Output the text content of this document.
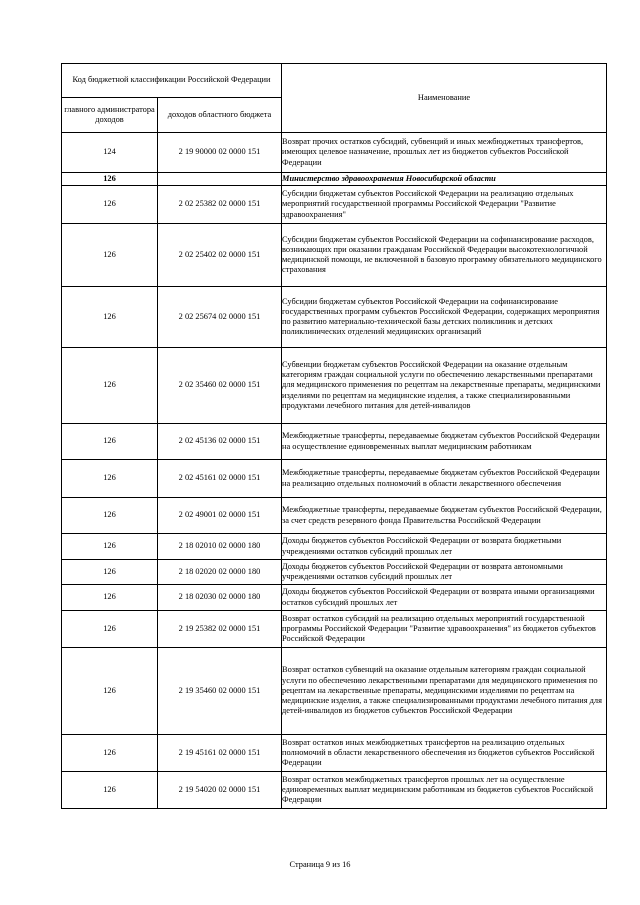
Код бюджетной классификации Российской Федерации		Наименование
главного администратора доходов	доходов областного бюджета	
124	2 19 90000 02 0000 151	Возврат прочих остатков субсидий, субвенций и иных межбюджетных трансфертов, имеющих целевое назначение, прошлых лет из бюджетов субъектов Российской Федерации
126		Министерство здравоохранения Новосибирской области
126	2 02 25382 02 0000 151	Субсидии бюджетам субъектов Российской Федерации на реализацию отдельных мероприятий государственной программы Российской Федерации "Развитие здравоохранения"
126	2 02 25402 02 0000 151	Субсидии бюджетам субъектов Российской Федерации на софинансирование расходов, возникающих при оказании гражданам Российской Федерации высокотехнологичной медицинской помощи, не включенной в базовую программу обязательного медицинского страхования
126	2 02 25674 02 0000 151	Субсидии бюджетам субъектов Российской Федерации на софинансирование государственных программ субъектов Российской Федерации, содержащих мероприятия по развитию материально-технической базы детских поликлиник и детских поликлинических отделений медицинских организаций
126	2 02 35460 02 0000 151	Субвенции бюджетам субъектов Российской Федерации на оказание отдельным категориям граждан социальной услуги по обеспечению лекарственными препаратами для медицинского применения по рецептам на лекарственные препараты, медицинскими изделиями по рецептам на медицинские изделия, а также специализированными продуктами лечебного питания для детей-инвалидов
126	2 02 45136 02 0000 151	Межбюджетные трансферты, передаваемые бюджетам субъектов Российской Федерации на осуществление единовременных выплат медицинским работникам
126	2 02 45161 02 0000 151	Межбюджетные трансферты, передаваемые бюджетам субъектов Российской Федерации на реализацию отдельных полномочий в области лекарственного обеспечения
126	2 02 49001 02 0000 151	Межбюджетные трансферты, передаваемые бюджетам субъектов Российской Федерации, за счет средств резервного фонда Правительства Российской Федерации
126	2 18 02010 02 0000 180	Доходы бюджетов субъектов Российской Федерации от возврата бюджетными учреждениями остатков субсидий прошлых лет
126	2 18 02020 02 0000 180	Доходы бюджетов субъектов Российской Федерации от возврата автономными учреждениями остатков субсидий прошлых лет
126	2 18 02030 02 0000 180	Доходы бюджетов субъектов Российской Федерации от возврата иными организациями остатков субсидий прошлых лет
126	2 19 25382 02 0000 151	Возврат остатков субсидий на реализацию отдельных мероприятий государственной программы Российской Федерации "Развитие здравоохранения" из бюджетов субъектов Российской Федерации
126	2 19 35460 02 0000 151	Возврат остатков субвенций на оказание отдельным категориям граждан социальной услуги по обеспечению лекарственными препаратами для медицинского применения по рецептам на лекарственные препараты, медицинскими изделиями по рецептам на медицинские изделия, а также специализированными продуктами лечебного питания для детей-инвалидов из бюджетов субъектов Российской Федерации
126	2 19 45161 02 0000 151	Возврат остатков иных межбюджетных трансфертов на реализацию отдельных полномочий в области лекарственного обеспечения из бюджетов субъектов Российской Федерации
126	2 19 54020 02 0000 151	Возврат остатков межбюджетных трансфертов прошлых лет на осуществление единовременных выплат медицинским работникам из бюджетов субъектов Российской Федерации
Страница 9 из 16
